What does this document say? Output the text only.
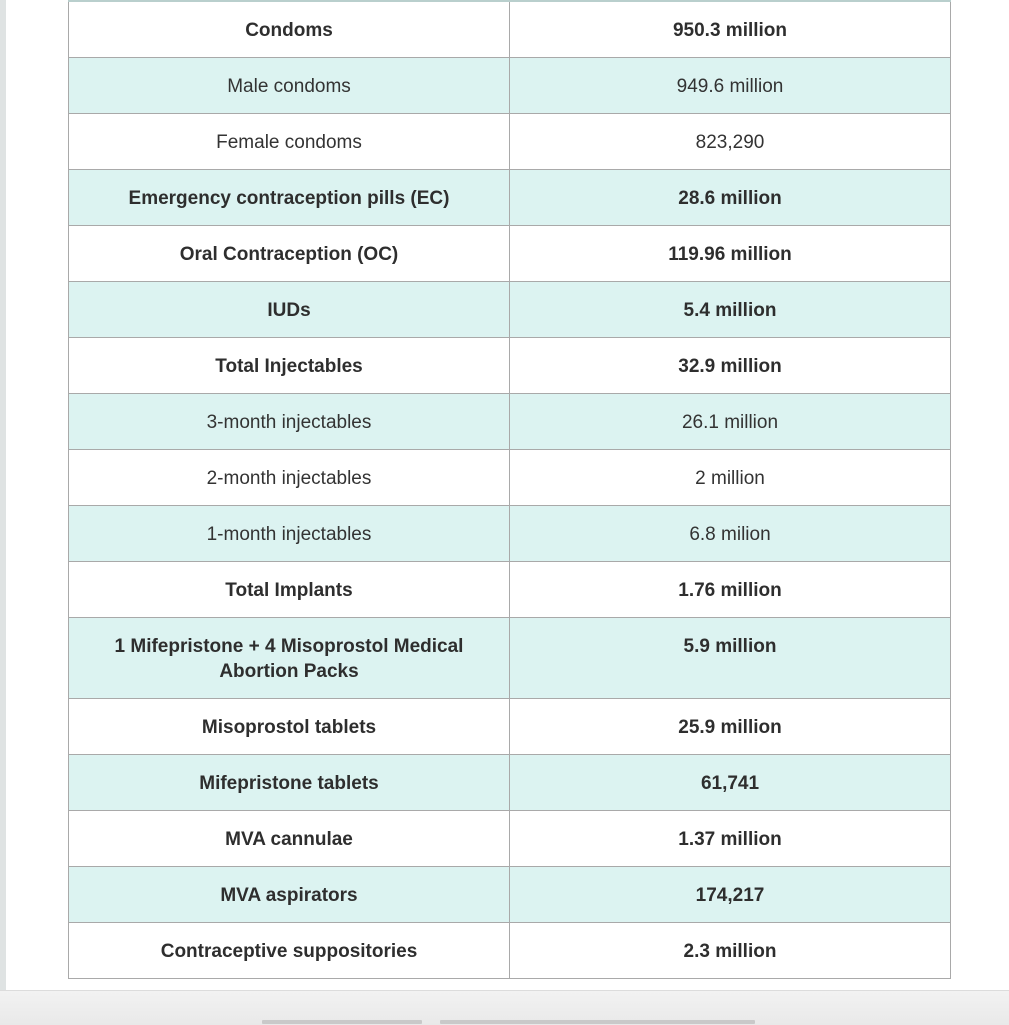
Condoms	950.3 million
Male condoms	949.6 million
Female condoms	823,290
Emergency contraception pills (EC)	28.6 million
Oral Contraception (OC)	119.96 million
IUDs	5.4 million
Total Injectables	32.9 million
3-month injectables	26.1 million
2-month injectables	2 million
1-month injectables	6.8 milion
Total Implants	1.76 million
1 Mifepristone + 4 Misoprostol Medical Abortion Packs	5.9 million
Misoprostol tablets	25.9 million
Mifepristone tablets	61,741
MVA cannulae	1.37 million
MVA aspirators	174,217
Contraceptive suppositories	2.3 million
